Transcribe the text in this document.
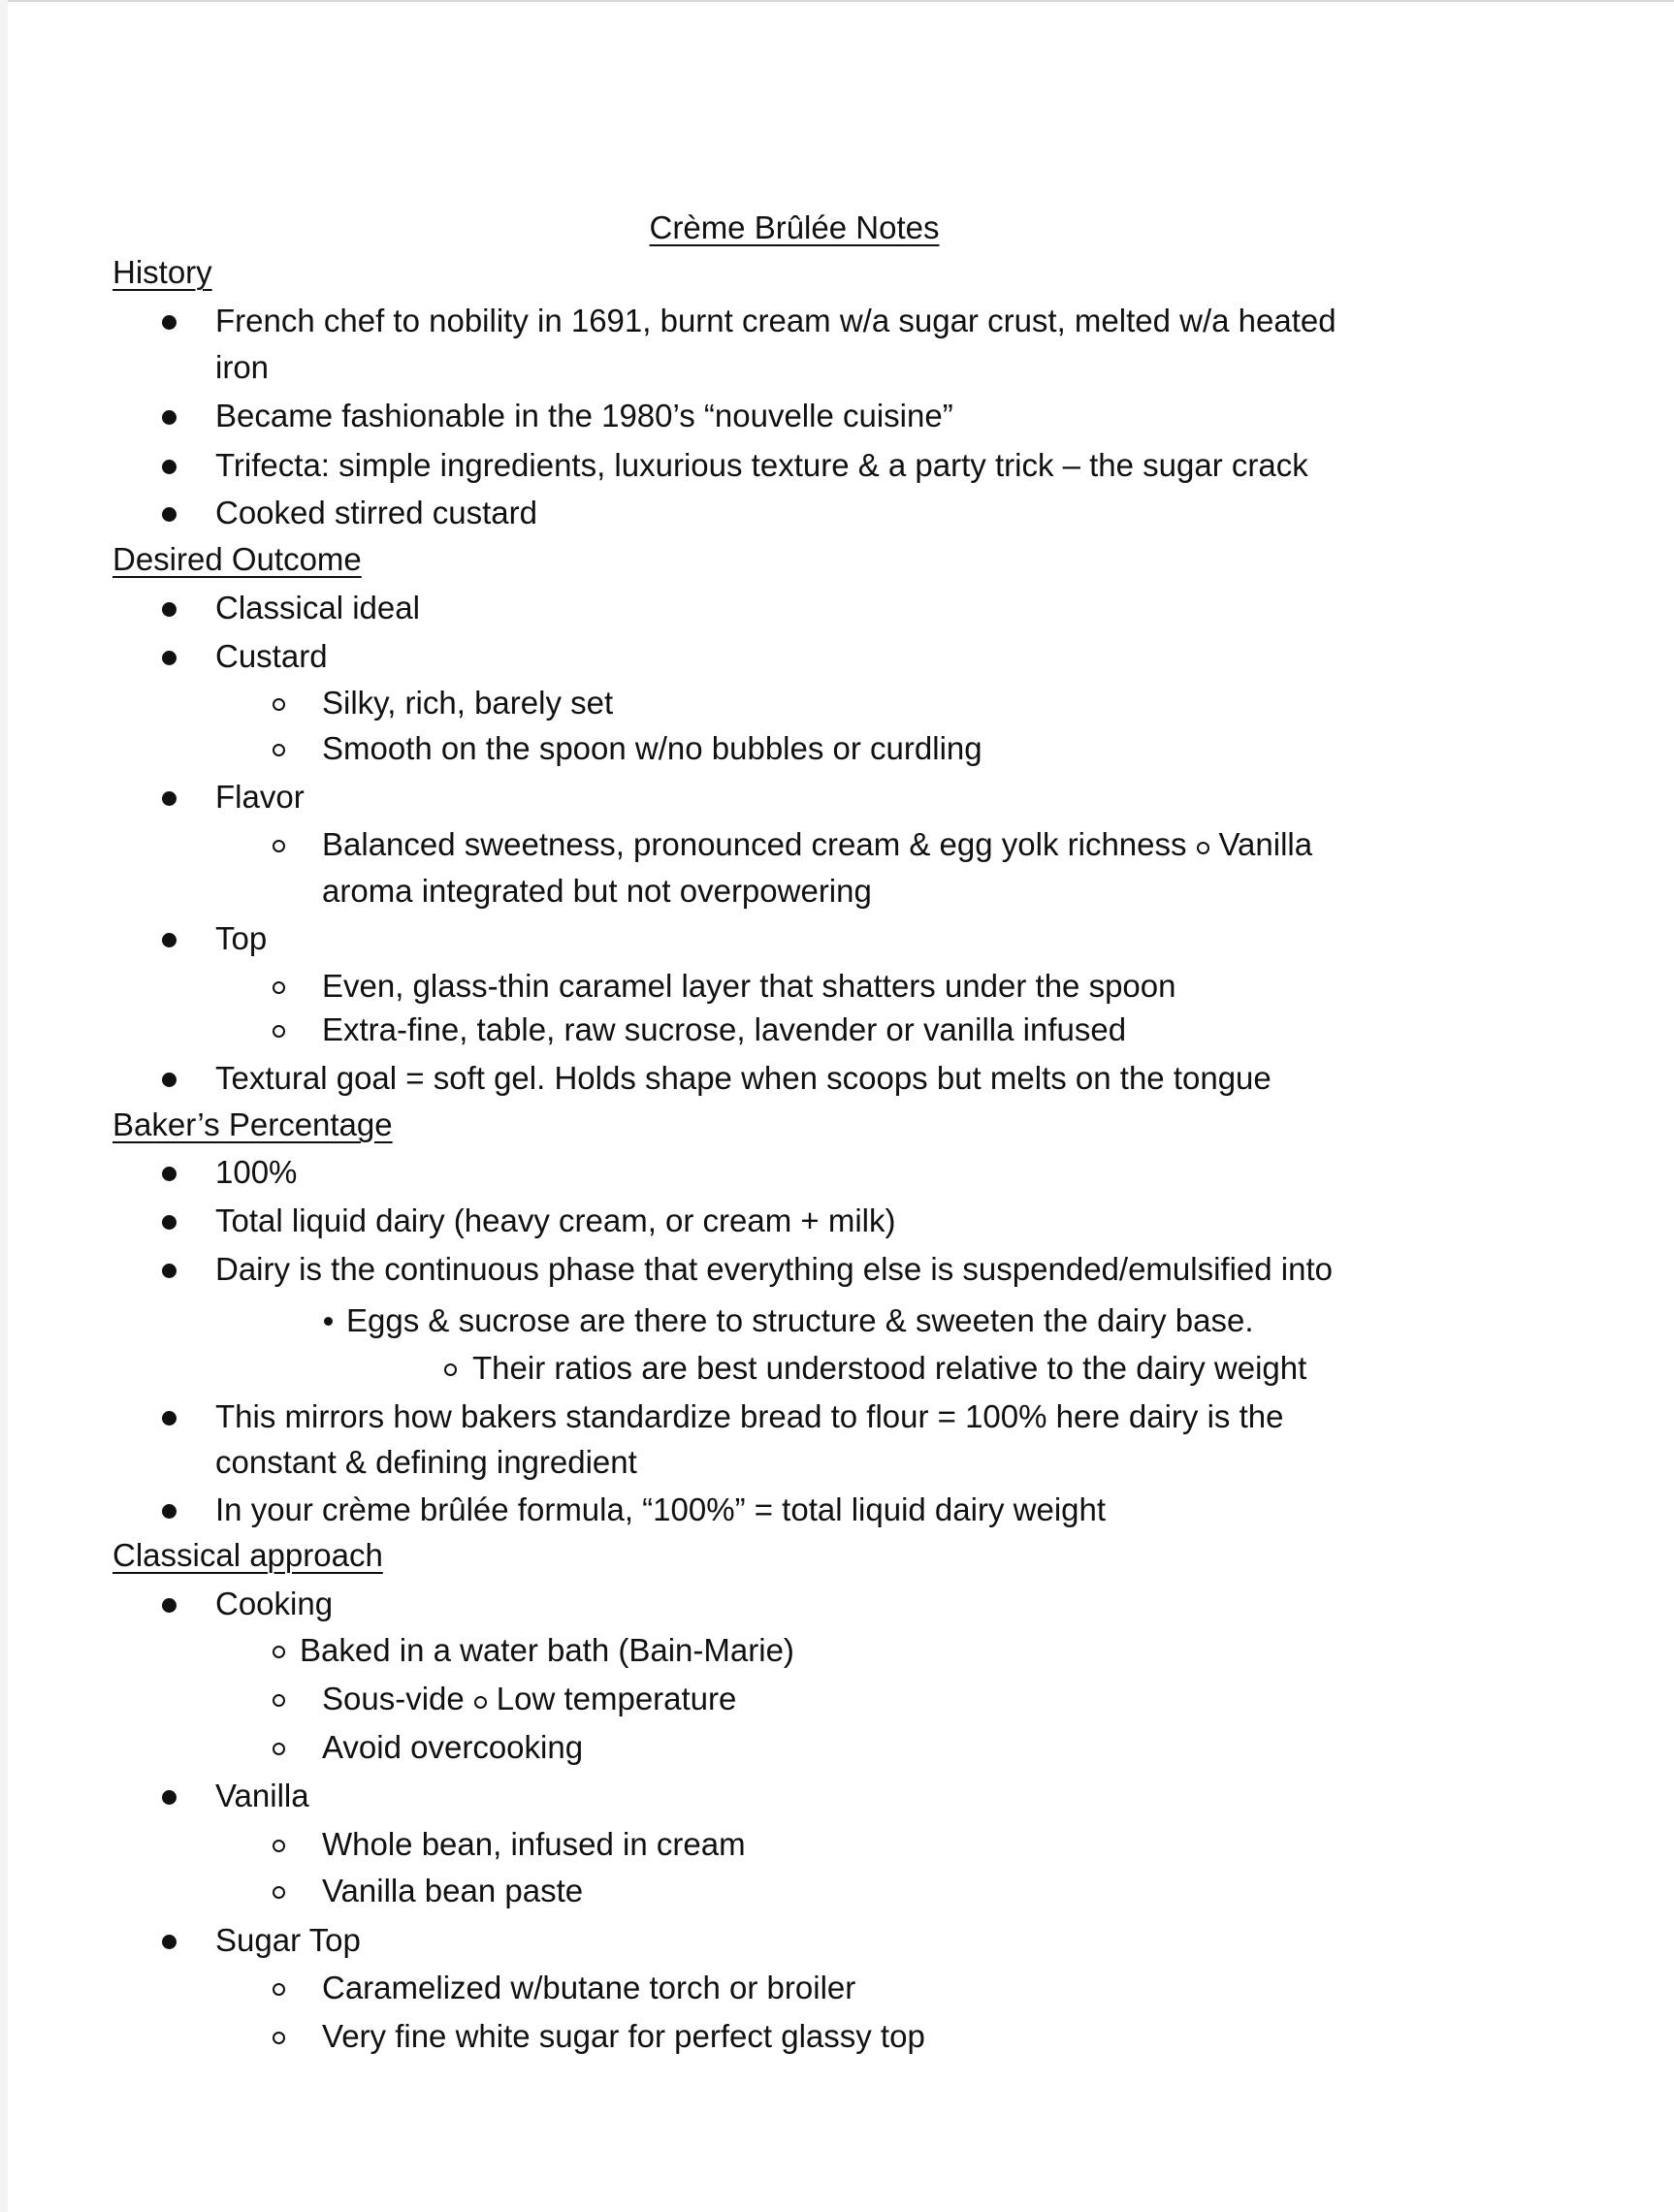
Crème Brûlée Notes
History
French chef to nobility in 1691, burnt cream w/a sugar crust, melted w/a heated
iron
Became fashionable in the 1980’s “nouvelle cuisine”
Trifecta: simple ingredients, luxurious texture & a party trick – the sugar crack
Cooked stirred custard
Desired Outcome
Classical ideal
Custard
Silky, rich, barely set
Smooth on the spoon w/no bubbles or curdling
Flavor
Balanced sweetness, pronounced cream & egg yolk richness Vanilla
aroma integrated but not overpowering
Top
Even, glass-thin caramel layer that shatters under the spoon
Extra-fine, table, raw sucrose, lavender or vanilla infused
Textural goal = soft gel. Holds shape when scoops but melts on the tongue
Baker’s Percentage
100%
Total liquid dairy (heavy cream, or cream + milk)
Dairy is the continuous phase that everything else is suspended/emulsified into
Eggs & sucrose are there to structure & sweeten the dairy base.
Their ratios are best understood relative to the dairy weight
This mirrors how bakers standardize bread to flour = 100% here dairy is the
constant & defining ingredient
In your crème brûlée formula, “100%” = total liquid dairy weight
Classical approach
Cooking
Baked in a water bath (Bain-Marie)
Sous-vide Low temperature
Avoid overcooking
Vanilla
Whole bean, infused in cream
Vanilla bean paste
Sugar Top
Caramelized w/butane torch or broiler
Very fine white sugar for perfect glassy top
